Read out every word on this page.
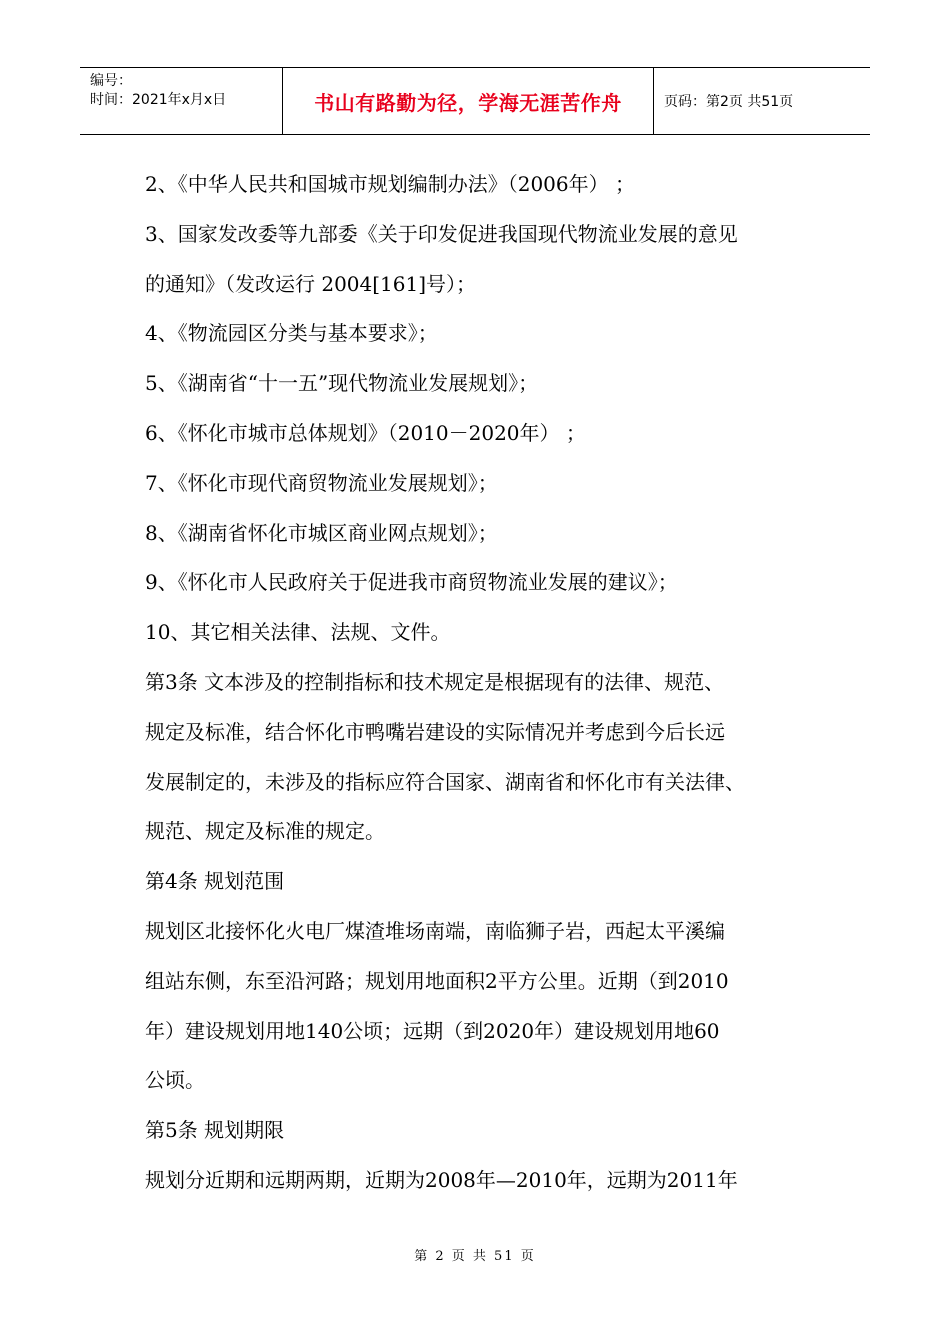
编号：
时间：2021年x月x日	书山有路勤为径，学海无涯苦作舟	页码：第2页 共51页
2、《中华人民共和国城市规划编制办法》（2006年） ；
3、国家发改委等九部委《关于印发促进我国现代物流业发展的意见
的通知》（发改运行 2004[161]号）；
4、《物流园区分类与基本要求》；
5、《湖南省“十一五”现代物流业发展规划》；
6、《怀化市城市总体规划》（2010－2020年） ；
7、《怀化市现代商贸物流业发展规划》；
8、《湖南省怀化市城区商业网点规划》；
9、《怀化市人民政府关于促进我市商贸物流业发展的建议》；
10、其它相关法律、法规、文件。
第3条 文本涉及的控制指标和技术规定是根据现有的法律、规范、
规定及标准，结合怀化市鸭嘴岩建设的实际情况并考虑到今后长远
发展制定的，未涉及的指标应符合国家、湖南省和怀化市有关法律、
规范、规定及标准的规定。
第4条 规划范围
规划区北接怀化火电厂煤渣堆场南端，南临狮子岩，西起太平溪编
组站东侧，东至沿河路；规划用地面积2平方公里。近期（到2010
年）建设规划用地140公顷；远期（到2020年）建设规划用地60
公顷。
第5条 规划期限
规划分近期和远期两期，近期为2008年—2010年，远期为2011年
第 2 页 共 51 页
